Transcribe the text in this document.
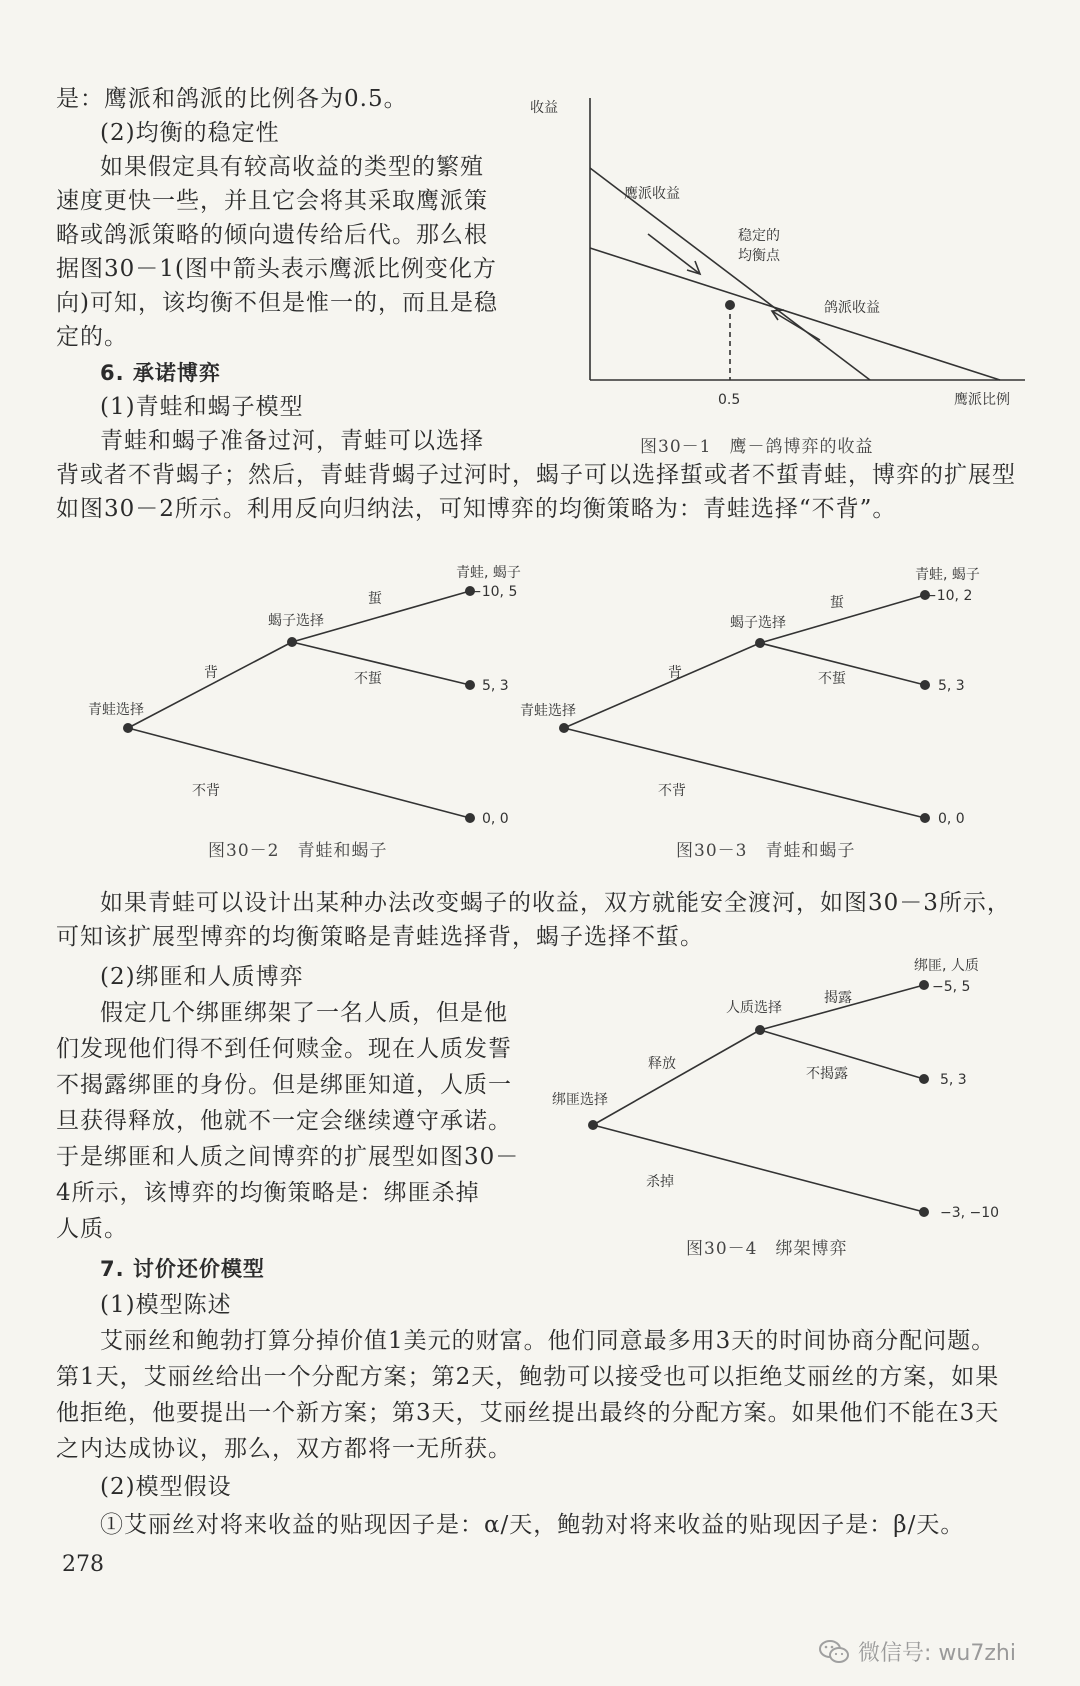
是：鹰派和鸽派的比例各为0.5。

(2)均衡的稳定性

如果假定具有较高收益的类型的繁殖

速度更快一些，并且它会将其采取鹰派策

略或鸽派策略的倾向遗传给后代。那么根

据图30－1(图中箭头表示鹰派比例变化方

向)可知，该均衡不但是惟一的，而且是稳

定的。

6. 承诺博弈

(1)青蛙和蝎子模型

青蛙和蝎子准备过河，青蛙可以选择

背或者不背蝎子；然后，青蛙背蝎子过河时，蝎子可以选择蜇或者不蜇青蛙，博弈的扩展型

如图30－2所示。利用反向归纳法，可知博弈的均衡策略为：青蛙选择“不背”。

收益
鹰派收益
鸽派收益
稳定的
均衡点
0.5	鹰派比例
图30－1　鹰－鸽博弈的收益
青蛙选择
蝎子选择
背
不背
蜇
不蜇
青蛙, 蝎子
−10, 5
5, 3
0, 0
图30－2　青蛙和蝎子
青蛙选择
蝎子选择
背
不背
蜇
不蜇
青蛙, 蝎子
−10, 2
5, 3
0, 0
图30－3　青蛙和蝎子

如果青蛙可以设计出某种办法改变蝎子的收益，双方就能安全渡河，如图30－3所示，

可知该扩展型博弈的均衡策略是青蛙选择背，蝎子选择不蜇。

(2)绑匪和人质博弈

假定几个绑匪绑架了一名人质，但是他

们发现他们得不到任何赎金。现在人质发誓

不揭露绑匪的身份。但是绑匪知道，人质一

旦获得释放，他就不一定会继续遵守承诺。

于是绑匪和人质之间博弈的扩展型如图30－

4所示，该博弈的均衡策略是：绑匪杀掉

人质。

绑匪选择
人质选择
释放
杀掉
揭露
不揭露
绑匪, 人质
−5, 5
5, 3
−3, −10
图30－4　绑架博弈

7. 讨价还价模型

(1)模型陈述

艾丽丝和鲍勃打算分掉价值1美元的财富。他们同意最多用3天的时间协商分配问题。

第1天，艾丽丝给出一个分配方案；第2天，鲍勃可以接受也可以拒绝艾丽丝的方案，如果

他拒绝，他要提出一个新方案；第3天，艾丽丝提出最终的分配方案。如果他们不能在3天

之内达成协议，那么，双方都将一无所获。

(2)模型假设

①艾丽丝对将来收益的贴现因子是：α/天，鲍勃对将来收益的贴现因子是：β/天。

278
微信号: wu7zhi
